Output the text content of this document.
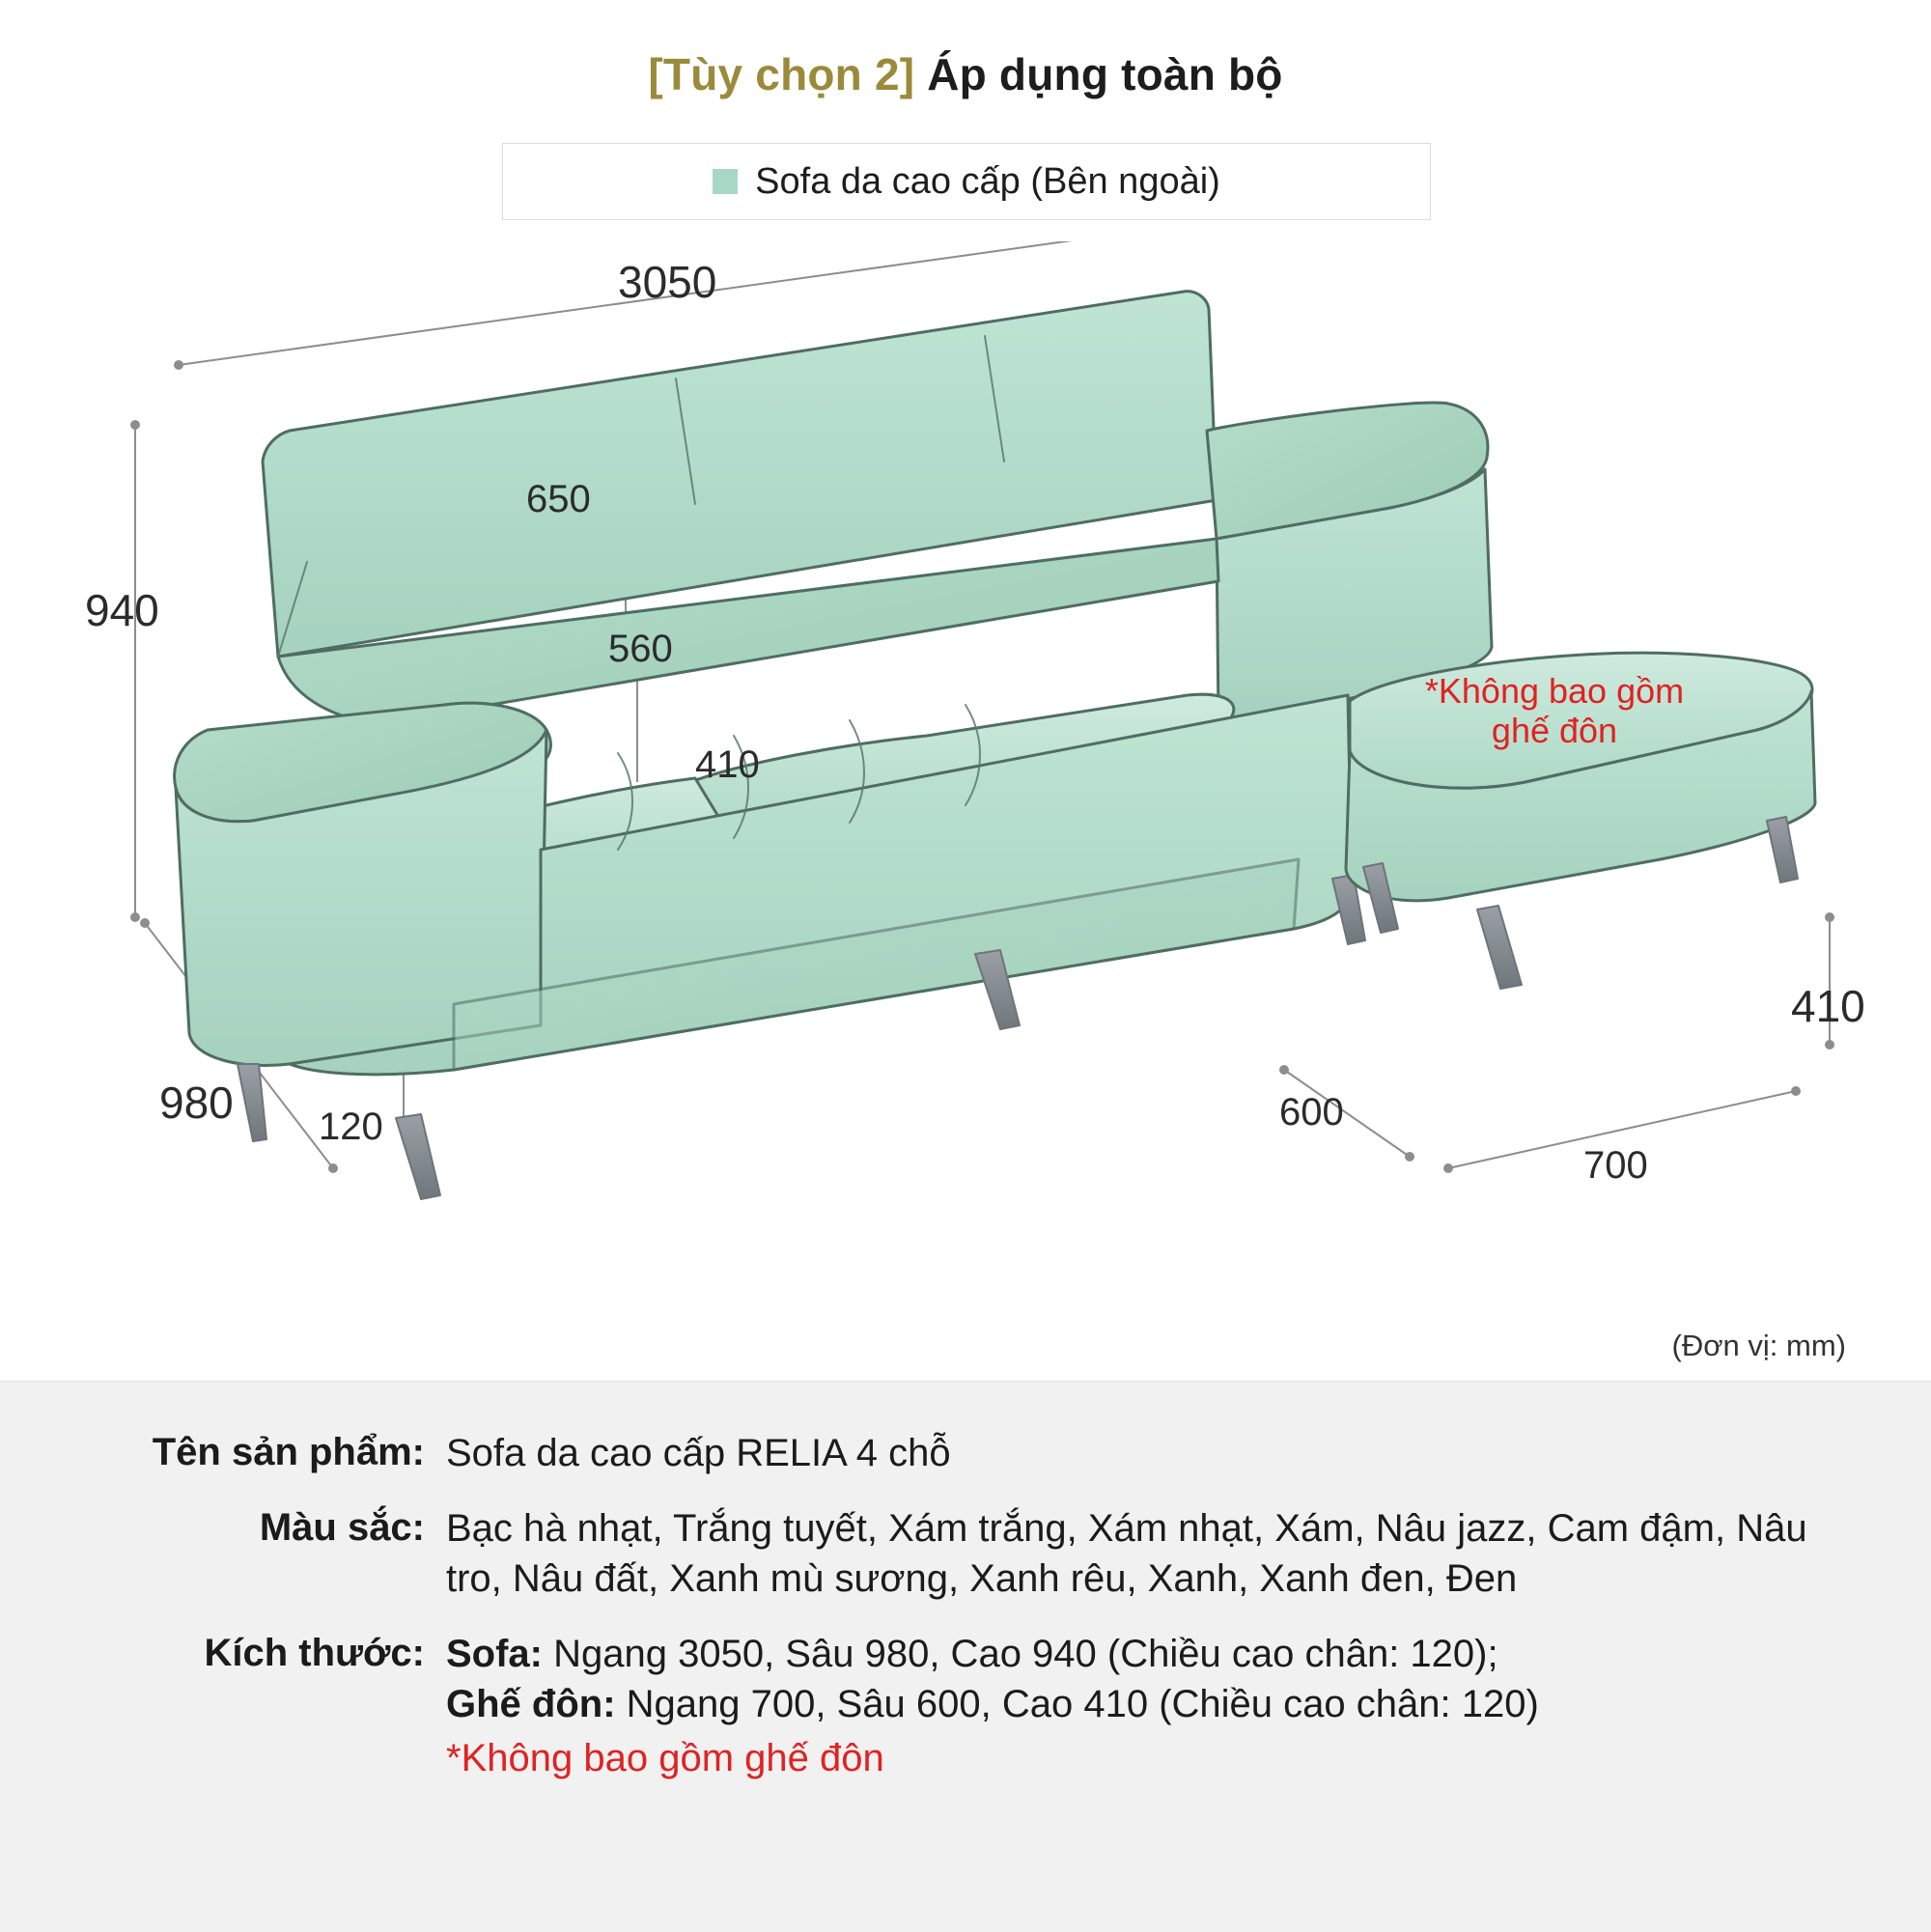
[Tùy chọn 2] Áp dụng toàn bộ
Sofa da cao cấp (Bên ngoài)
3050
940
980 120
650
560
410
600
700
410
*Không bao gồm
ghế đôn
(Đơn vị: mm)
Tên sản phẩm: Sofa da cao cấp RELIA 4 chỗ
Màu sắc: Bạc hà nhạt, Trắng tuyết, Xám trắng, Xám nhạt, Xám, Nâu jazz, Cam đậm, Nâu tro, Nâu đất, Xanh mù sương, Xanh rêu, Xanh, Xanh đen, Đen
Kích thước: Sofa: Ngang 3050, Sâu 980, Cao 940 (Chiều cao chân: 120);
Ghế đôn: Ngang 700, Sâu 600, Cao 410 (Chiều cao chân: 120)
*Không bao gồm ghế đôn
